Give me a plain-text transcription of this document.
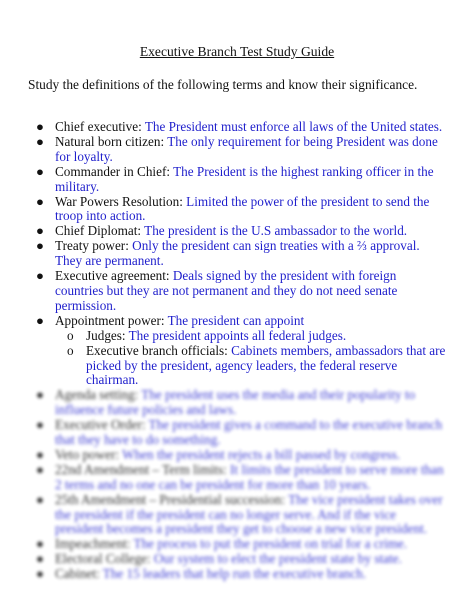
Executive Branch Test Study Guide
Study the definitions of the following terms and know their significance.
● Chief executive: The President must enforce all laws of the United states.
● Natural born citizen: The only requirement for being President was done for loyalty.
● Commander in Chief: The President is the highest ranking officer in the military.
● War Powers Resolution: Limited the power of the president to send the troop into action.
● Chief Diplomat: The president is the U.S ambassador to the world.
● Treaty power: Only the president can sign treaties with a ⅔ approval. They are permanent.
● Executive agreement: Deals signed by the president with foreign countries but they are not permanent and they do not need senate permission.
● Appointment power: The president can appoint
o Judges: The president appoints all federal judges.
o Executive branch officials: Cabinets members, ambassadors that are picked by the president, agency leaders, the federal reserve chairman.
● Agenda setting: The president uses the media and their popularity to influence future policies and laws.
● Executive Order: The president gives a command to the executive branch that they have to do something.
● Veto power: When the president rejects a bill passed by congress.
● 22nd Amendment – Term limits: It limits the president to serve more than 2 terms and no one can be president for more than 10 years.
● 25th Amendment – Presidential succession: The vice president takes over the president if the president can no longer serve. And if the vice president becomes a president they get to choose a new vice president.
● Impeachment: The process to put the president on trial for a crime.
● Electoral College: Our system to elect the president state by state.
● Cabinet: The 15 leaders that help run the executive branch.
